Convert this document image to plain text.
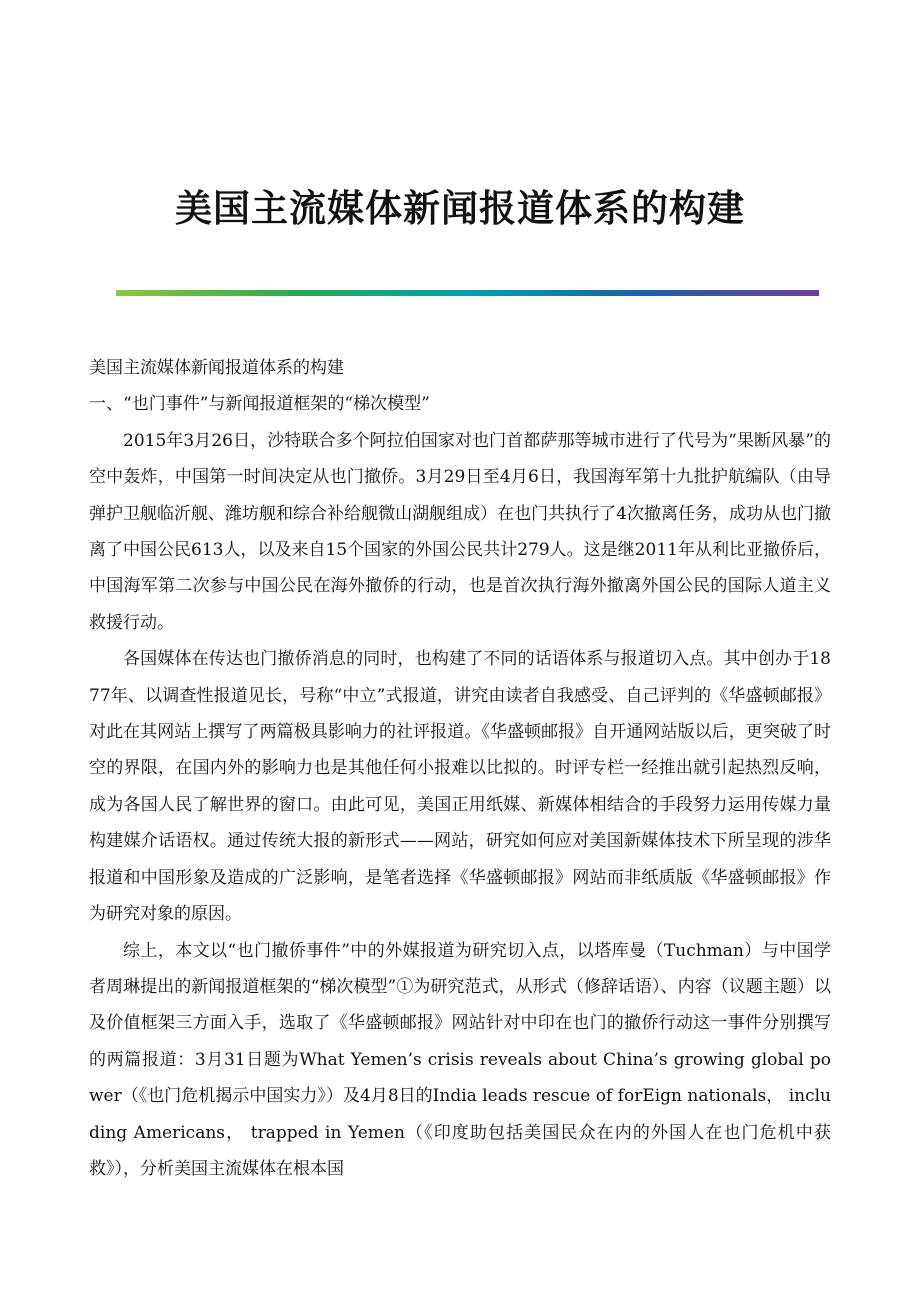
美国主流媒体新闻报道体系的构建

美国主流媒体新闻报道体系的构建

一、“也门事件”与新闻报道框架的“梯次模型”

2015年3月26日，沙特联合多个阿拉伯国家对也门首都萨那等城市进行了代号为“果断风暴”的空中轰炸，中国第一时间决定从也门撤侨。3月29日至4月6日，我国海军第十九批护航编队（由导弹护卫舰临沂舰、潍坊舰和综合补给舰微山湖舰组成）在也门共执行了4次撤离任务，成功从也门撤离了中国公民613人，以及来自15个国家的外国公民共计279人。这是继2011年从利比亚撤侨后，中国海军第二次参与中国公民在海外撤侨的行动，也是首次执行海外撤离外国公民的国际人道主义救援行动。

各国媒体在传达也门撤侨消息的同时，也构建了不同的话语体系与报道切入点。其中创办于1877年、以调查性报道见长，号称“中立”式报道，讲究由读者自我感受、自己评判的《华盛顿邮报》对此在其网站上撰写了两篇极具影响力的社评报道。《华盛顿邮报》自开通网站版以后，更突破了时空的界限，在国内外的影响力也是其他任何小报难以比拟的。时评专栏一经推出就引起热烈反响，成为各国人民了解世界的窗口。由此可见，美国正用纸媒、新媒体相结合的手段努力运用传媒力量构建媒介话语权。通过传统大报的新形式——网站，研究如何应对美国新媒体技术下所呈现的涉华报道和中国形象及造成的广泛影响，是笔者选择《华盛顿邮报》网站而非纸质版《华盛顿邮报》作为研究对象的原因。

综上，本文以“也门撤侨事件”中的外媒报道为研究切入点，以塔库曼（Tuchman）与中国学者周琳提出的新闻报道框架的“梯次模型”①为研究范式，从形式（修辞话语）、内容（议题主题）以及价值框架三方面入手，选取了《华盛顿邮报》网站针对中印在也门的撤侨行动这一事件分别撰写的两篇报道：3月31日题为What Yemen’s crisis reveals about China’s growing global power（《也门危机揭示中国实力》）及4月8日的India leads rescue of forEign nationals， including Americans， trapped in Yemen（《印度助包括美国民众在内的外国人在也门危机中获救》），分析美国主流媒体在根本国
